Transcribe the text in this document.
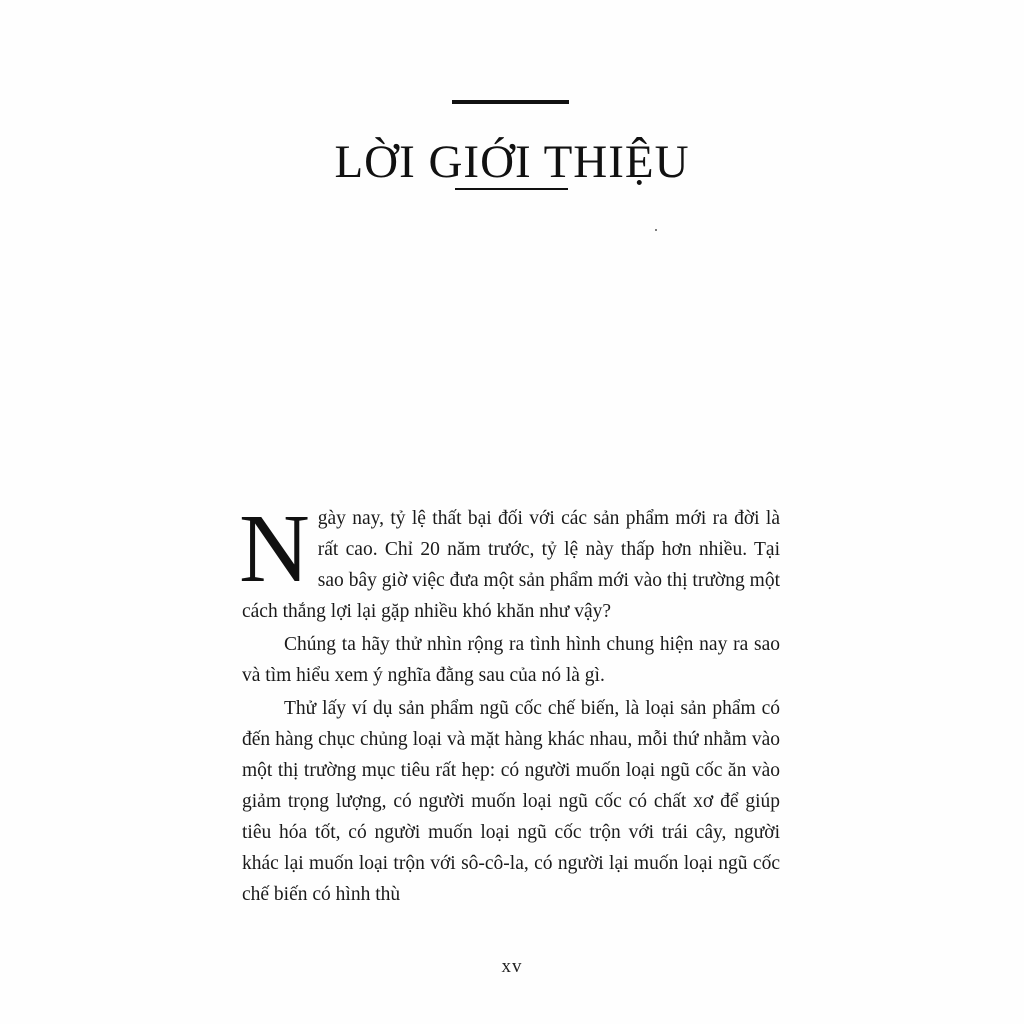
LỜI GIỚI THIỆU

Ngày nay, tỷ lệ thất bại đối với các sản phẩm mới ra đời là rất cao. Chỉ 20 năm trước, tỷ lệ này thấp hơn nhiều. Tại sao bây giờ việc đưa một sản phẩm mới vào thị trường một cách thắng lợi lại gặp nhiều khó khăn như vậy?

Chúng ta hãy thử nhìn rộng ra tình hình chung hiện nay ra sao và tìm hiểu xem ý nghĩa đằng sau của nó là gì.

Thử lấy ví dụ sản phẩm ngũ cốc chế biến, là loại sản phẩm có đến hàng chục chủng loại và mặt hàng khác nhau, mỗi thứ nhằm vào một thị trường mục tiêu rất hẹp: có người muốn loại ngũ cốc ăn vào giảm trọng lượng, có người muốn loại ngũ cốc có chất xơ để giúp tiêu hóa tốt, có người muốn loại ngũ cốc trộn với trái cây, người khác lại muốn loại trộn với sô-cô-la, có người lại muốn loại ngũ cốc chế biến có hình thù

xv
